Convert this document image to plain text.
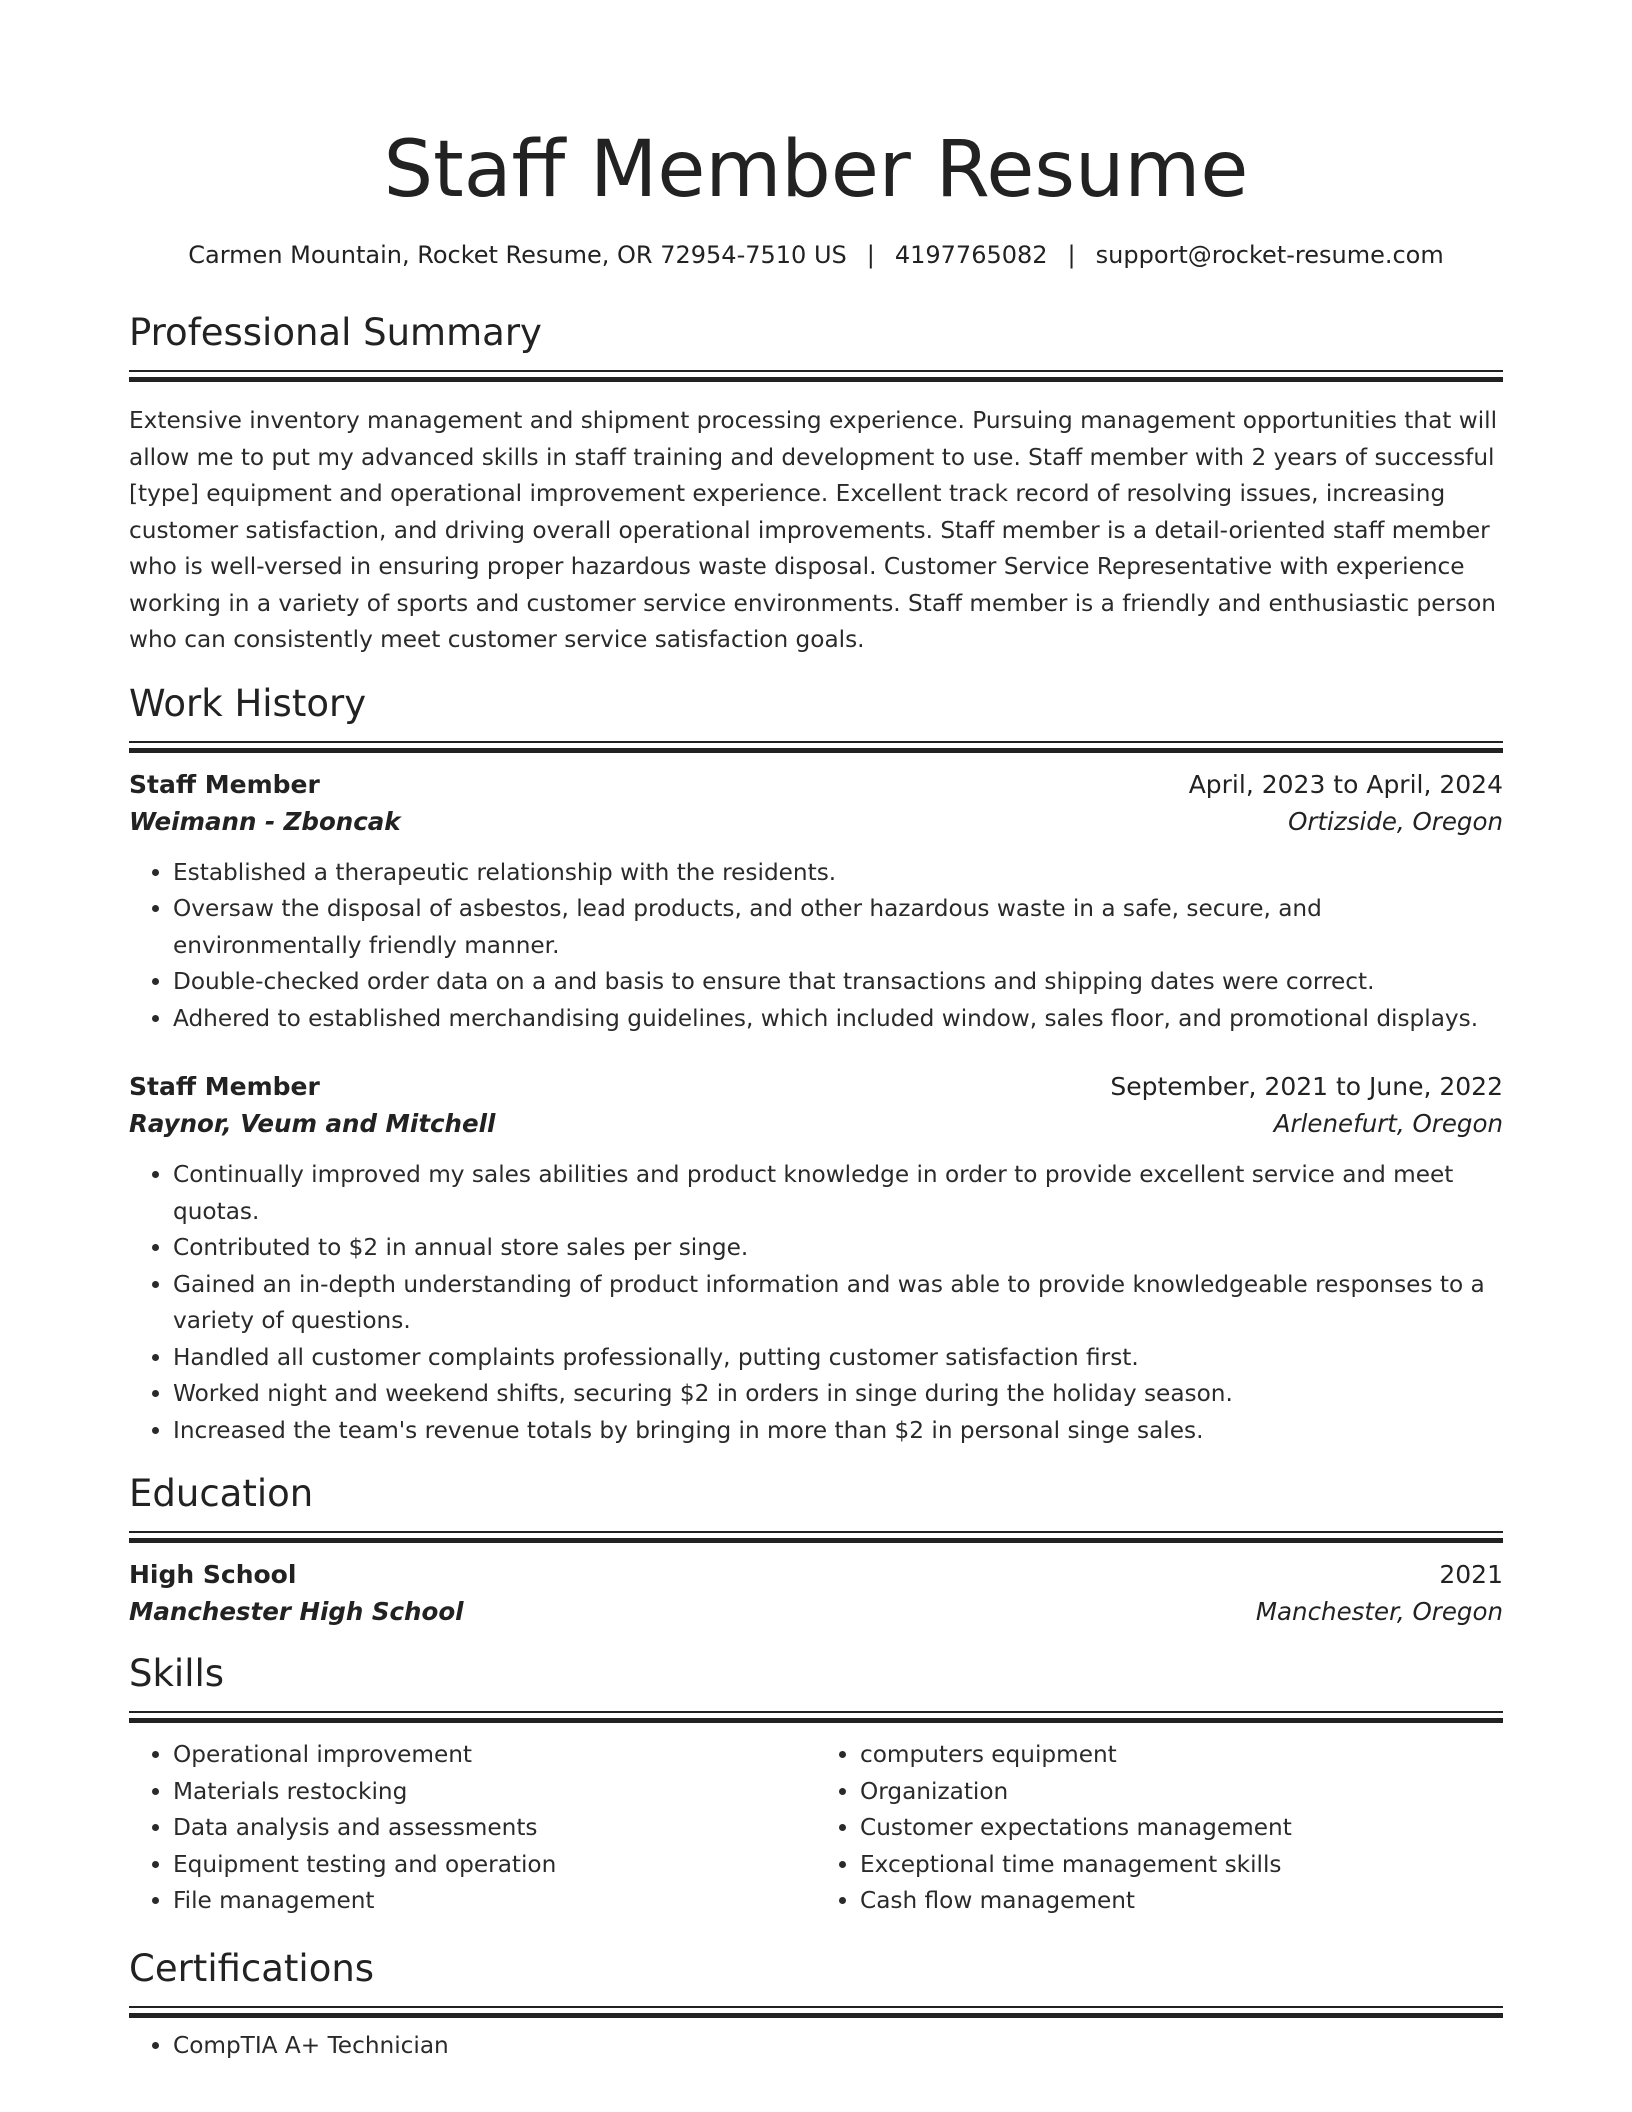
Staff Member Resume
Carmen Mountain, Rocket Resume, OR 72954-7510 US | 4197765082 | support@rocket-resume.com
Professional Summary
Extensive inventory management and shipment processing experience. Pursuing management opportunities that will allow me to put my advanced skills in staff training and development to use. Staff member with 2 years of successful [type] equipment and operational improvement experience. Excellent track record of resolving issues, increasing customer satisfaction, and driving overall operational improvements. Staff member is a detail-oriented staff member who is well-versed in ensuring proper hazardous waste disposal. Customer Service Representative with experience working in a variety of sports and customer service environments. Staff member is a friendly and enthusiastic person who can consistently meet customer service satisfaction goals.
Work History
Staff Member	April, 2023 to April, 2024
Weimann - Zboncak	Ortizside, Oregon
• Established a therapeutic relationship with the residents.
• Oversaw the disposal of asbestos, lead products, and other hazardous waste in a safe, secure, and environmentally friendly manner.
• Double-checked order data on a and basis to ensure that transactions and shipping dates were correct.
• Adhered to established merchandising guidelines, which included window, sales floor, and promotional displays.
Staff Member	September, 2021 to June, 2022
Raynor, Veum and Mitchell	Arlenefurt, Oregon
• Continually improved my sales abilities and product knowledge in order to provide excellent service and meet quotas.
• Contributed to $2 in annual store sales per singe.
• Gained an in-depth understanding of product information and was able to provide knowledgeable responses to a variety of questions.
• Handled all customer complaints professionally, putting customer satisfaction first.
• Worked night and weekend shifts, securing $2 in orders in singe during the holiday season.
• Increased the team's revenue totals by bringing in more than $2 in personal singe sales.
Education
High School	2021
Manchester High School	Manchester, Oregon
Skills
• Operational improvement
• Materials restocking
• Data analysis and assessments
• Equipment testing and operation
• File management
• computers equipment
• Organization
• Customer expectations management
• Exceptional time management skills
• Cash flow management
Certifications
• CompTIA A+ Technician
